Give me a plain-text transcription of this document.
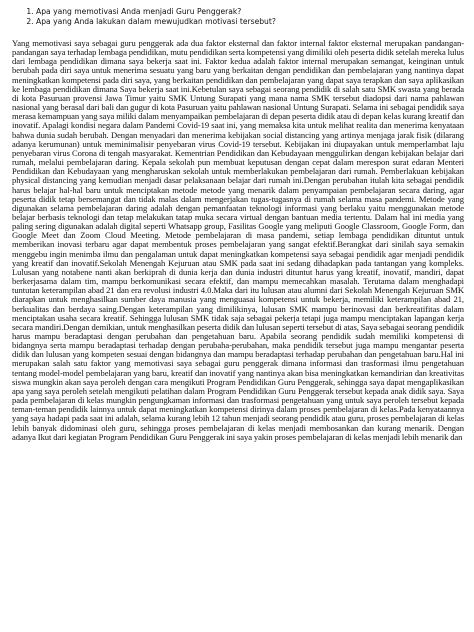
1. Apa yang memotivasi Anda menjadi Guru Penggerak?
2. Apa yang Anda lakukan dalam mewujudkan motivasi tersebut?

Yang memotivasi saya sebagai guru penggerak ada dua faktor eksternal dan faktor internal faktor eksternal merupakan pandangan-pandangan saya terhadap lembaga pendidikan, mutu pendidikan serta kompetensi yang dimiliki oleh peserta didik setelah mereka lulus dari lembaga pendidikan dimana saya bekerja saat ini. Faktor kedua adalah faktor internal merupakan semangat, keinginan untuk berubah pada diri saya untuk menerima sesuatu yang baru yang berkaitan dengan pendidikan dan pembelajaran yang nantinya dapat meningkatkan kompetensi pada diri saya, yang berkaitan pendidikan dan pembelajaran yang dapat saya terapkan dan saya aplikasikan ke lembaga pendidikan dimana Saya bekerja saat ini.Kebetulan saya sebagai seorang pendidik di salah satu SMK swasta yang berada di kota Pasuruan provensi Jawa Timur yaitu SMK Untung Surapati yang mana nama SMK tersebut diadopsi dari nama pahlawan nasional yang berasal dari bali dan gugur di kota Pasuruan yaitu pahlawan nasional Untung Surapati. Selama ini sebagai pendidik saya merasa kemampuan yang saya miliki dalam menyampaikan pembelajaran di depan peserta didik atau di depan kelas kurang kreatif dan inovatif. Apalagi kondisi negara dalam Pandemi Covid-19 saat ini, yang memaksa kita untuk melihat realita dan menerima kenyataan bahwa dunia sudah berubah. Dengan menyadari dan menerima kebijakan social distancing yang artinya menjaga jarak fisik (dilarang adanya kerumunan) untuk meminimalisir penyebaran virus Covid-19 tersebut. Kebijakan ini diupayakan untuk memperlambat laju penyebaran virus Corona di tengah masyarakat. Kementrian Pendidikan dan Kebudayaan menggulirkan dengan kebijakan belajar dari rumah, melalui pembelajaran daring. Kepala sekolah pun membuat keputusan dengan cepat dalam merespon surat edaran Menteri Pendidikan dan Kebudayaan yang mengharuskan sekolah untuk memberlakukan pembelajaran dari rumah. Pemberlakuan kebijakan physical distancing yang kemudian menjadi dasar pelaksanaan belajar dari rumah ini.Dengan perubahan itulah kita sebagai pendidik harus belajar hal-hal baru untuk menciptakan metode metode yang menarik dalam penyampaian pembelajaran secara daring, agar peserta didik tetap bersemangat dan tidak malas dalam mengerjakan tugas-tugasnya di rumah selama masa pandemi. Metode yang digunakan selama pembelajaran daring adalah dengan pemanfaatan teknologi informasi yang berlaku yaitu menggunakan metode belajar berbasis teknologi dan tetap melakukan tatap muka secara virtual dengan bantuan media tertentu. Dalam hal ini media yang paling sering digunakan adalah digital seperti Whatsapp group, Fasilitas Google yang meliputi Google Classroom, Google Form, dan Google Meet dan Zoom Cloud Meeting. Metode pembelajaran di masa pandemi, setiap lembaga pendidikan dituntut untuk memberikan inovasi terbaru agar dapat membentuk proses pembelajaran yang sangat efektif.Berangkat dari sinilah saya semakin menggebu ingin menimba ilmu dan pengalaman untuk dapat meningkatkan kompetensi saya sebagai pendidik agar menjadi pendidik yang kreatif dan inovatif.Sekolah Menengah Kejuruan atau SMK pada saat ini sedang dihadapkan pada tantangan yang kompleks. Lulusan yang notabene nanti akan berkiprah di dunia kerja dan dunia industri dituntut harus yang kreatif, inovatif, mandiri, dapat berkerjasama dalam tim, mampu berkomunikasi secara efektif, dan mampu memecahkan masalah. Terutama dalam menghadapi tuntutan keterampilan abad 21 dan era revolusi industri 4.0.Maka dari itu lulusan atau alumni dari Sekolah Menengah Kejuruan SMK diarapkan untuk menghasilkan sumber daya manusia yang menguasai kompetensi untuk bekerja, memiliki keterampilan abad 21, berkualitas dan berdaya saing.Dengan keterampilan yang dimilikinya, lulusan SMK mampu berinovasi dan berkreatifitas dalam menciptakan usaha secara kreatif. Sehingga lulusan SMK tidak saja sebagai pekerja tetapi juga mampu menciptakan lapangan kerja secara mandiri.Dengan demikian, untuk menghasilkan peserta didik dan lulusan seperti tersebut di atas, Saya sebagai seorang pendidik harus mampu beradaptasi dengan perubahan dan pengetahuan baru. Apabila seorang pendidik sudah memiliki kompetensi di bidangnya serta mampu beradaptasi terhadap dengan perubaha-perubahan, maka pendidik tersebut juga mampu mengantar peserta didik dan lulusan yang kompeten sesuai dengan bidangnya dan mampu beradaptasi terhadap perubahan dan pengetahuan baru.Hal ini merupakan salah satu faktor yang memotivasi saya sebagai guru penggerak dimana informasi dan trasformasi ilmu pengetahuan tentang model-model pembelajaran yang baru, kreatif dan inovatif yang nantinya akan bisa meningkatkan kemandirian dan kreativitas siswa mungkin akan saya peroleh dengan cara mengikuti Program Pendidikan Guru Penggerak, sehingga saya dapat mengaplikasikan apa yang saya peroleh setelah mengikuti pelatihan dalam Program Pendidikan Guru Penggerak tersebut kepada anak didik saya. Saya pada pembelajaran di kelas mungkin pengungkaman informasi dan trasformasi pengetahuan yang untuk saya peroleh tersebut kepada teman-teman pendidik lainnya untuk dapat meningkatkan kompetensi dirinya dalam proses pembelajaran di kelas.Pada kenyataannya yang saya hadapi pada saat ini adalah, selama kurang lebih 12 tahun menjadi seorang pendidik atau guru, proses pembelajaran di kelas lebih banyak didominasi oleh guru, sehingga proses pembelajaran di kelas menjadi membosankan dan kurang menarik. Dengan adanya Ikut dari kegiatan Program Pendidikan Guru Penggerak ini saya yakin proses pembelajaran di kelas menjadi lebih menarik dan
